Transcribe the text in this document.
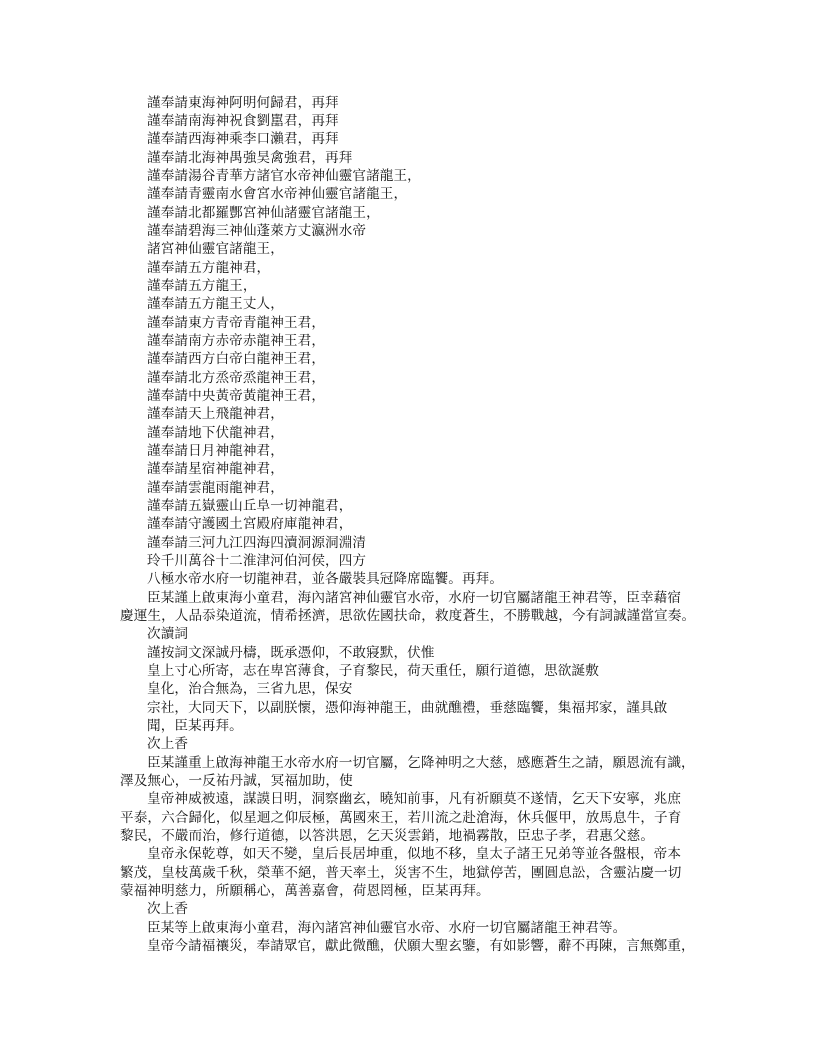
謹奉請東海神阿明何歸君，再拜

謹奉請南海神祝食劉嚚君，再拜

謹奉請西海神乘李口瀨君，再拜

謹奉請北海神禺強昊禽強君，再拜

謹奉請湯谷青華方諸官水帝神仙靈官諸龍王，

謹奉請青靈南水會宮水帝神仙靈官諸龍王，

謹奉請北都羅酆宮神仙諸靈官諸龍王，

謹奉請碧海三神仙蓬萊方丈瀛洲水帝

諸宮神仙靈官諸龍王，

謹奉請五方龍神君，

謹奉請五方龍王，

謹奉請五方龍王丈人，

謹奉請東方青帝青龍神王君，

謹奉請南方赤帝赤龍神王君，

謹奉請西方白帝白龍神王君，

謹奉請北方烝帝烝龍神王君，

謹奉請中央黃帝黃龍神王君，

謹奉請天上飛龍神君，

謹奉請地下伏龍神君，

謹奉請日月神龍神君，

謹奉請星宿神龍神君，

謹奉請雲龍雨龍神君，

謹奉請五嶽靈山丘阜一切神龍君，

謹奉請守護國土宮殿府庫龍神君，

謹奉請三河九江四海四瀆洞源洞淵清

玲千川萬谷十二淮津河伯河侯，四方

八極水帝水府一切龍神君，並各嚴裝具冠降席臨饗。再拜。

臣某謹上啟東海小童君，海內諸宮神仙靈官水帝，水府一切官屬諸龍王神君等，臣幸藉宿

慶運生，人品忝染道流，情希拯濟，思欲佐國扶命，救度蒼生，不勝戰越，今有詞誠謹當宣奏。

次讀詞

謹按詞文深誠丹檮，既承憑仰，不敢寢默，伏惟

皇上寸心所寄，志在卑宮薄食，子育黎民，荷天重任，願行道德，思欲誕敷

皇化，治合無為，三省九思，保安

宗社，大同天下，以副朕懷，憑仰海神龍王，曲就醮禮，垂慈臨饗，集福邦家，謹具啟

聞，臣某再拜。

次上香

臣某謹重上啟海神龍王水帝水府一切官屬，乞降神明之大慈，感應蒼生之請，願恩流有識，

澤及無心，一反祐丹誠，冥福加助，使

皇帝神威被遠，謀謨日明，洞察幽玄，曉知前事，凡有祈願莫不遂情，乞天下安寧，兆庶

平泰，六合歸化，似星迴之仰辰極，萬國來王，若川流之赴滄海，休兵偃甲，放馬息牛，子育

黎民，不嚴而治，修行道德，以答洪恩，乞天災雲銷，地禍霧散，臣忠子孝，君惠父慈。

皇帝永保乾尊，如天不變，皇后長居坤重，似地不移，皇太子諸王兄弟等並各盤根，帝本

繁茂，皇枝萬歲千秋，榮華不絕，普天率土，災害不生，地獄停苦，團圓息訟，含靈沾慶一切

蒙福神明慈力，所願稱心，萬善嘉會，荷恩罔極，臣某再拜。

次上香

臣某等上啟東海小童君，海內諸宮神仙靈官水帝、水府一切官屬諸龍王神君等。

皇帝今請福禳災，奉請眾官，獻此微醮，伏願大聖玄鑒，有如影響，辭不再陳，言無鄭重，
